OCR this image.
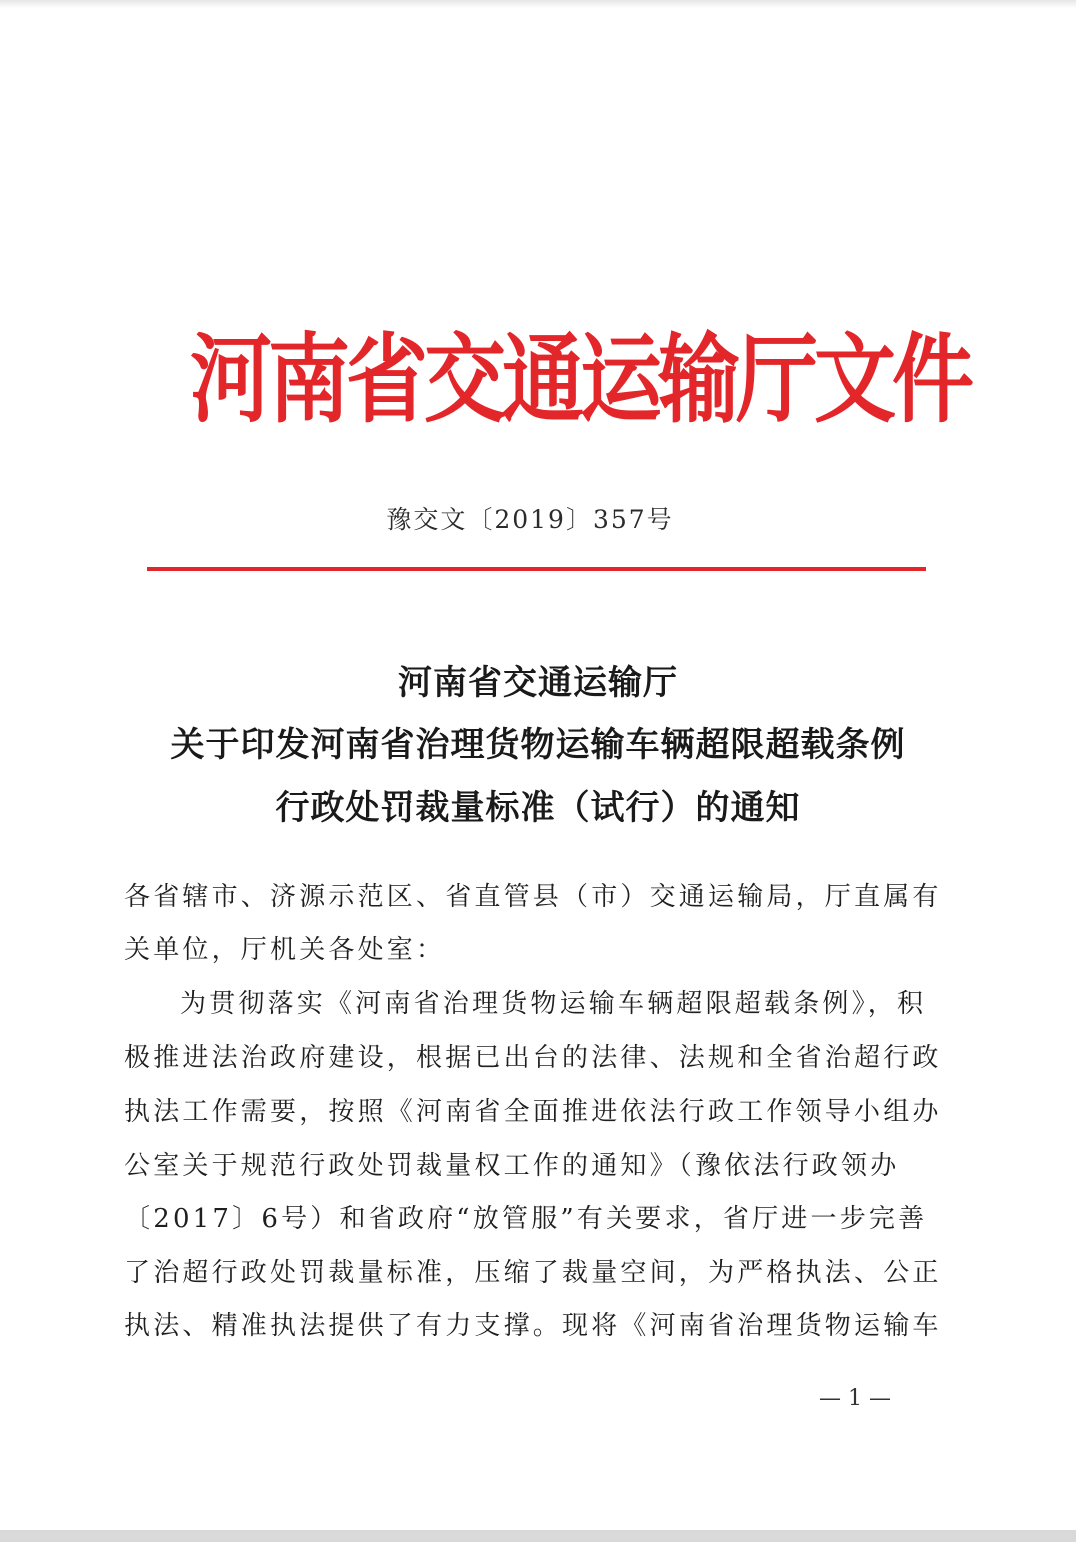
河南省交通运输厅文件
豫交文〔2019〕357号
河南省交通运输厅
关于印发河南省治理货物运输车辆超限超载条例
行政处罚裁量标准（试行）的通知
各省辖市、济源示范区、省直管县（市）交通运输局，厅直属有
关单位，厅机关各处室：
为贯彻落实《河南省治理货物运输车辆超限超载条例》，积
极推进法治政府建设，根据已出台的法律、法规和全省治超行政
执法工作需要，按照《河南省全面推进依法行政工作领导小组办
公室关于规范行政处罚裁量权工作的通知》（豫依法行政领办
〔2017〕6号）和省政府“放管服”有关要求，省厅进一步完善
了治超行政处罚裁量标准，压缩了裁量空间，为严格执法、公正
执法、精准执法提供了有力支撑。现将《河南省治理货物运输车
— 1 —
